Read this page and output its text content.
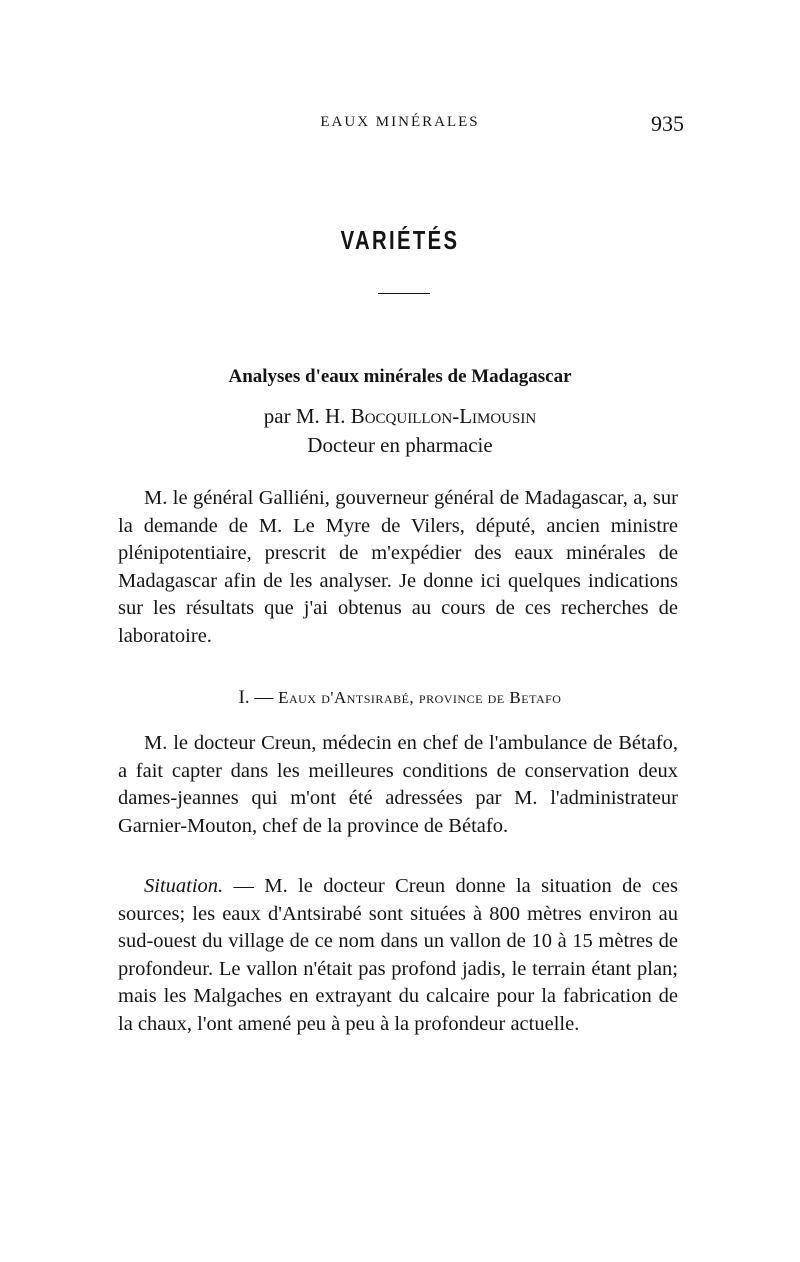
EAUX MINÉRALES	935
VARIÉTÉS
Analyses d'eaux minérales de Madagascar
par M. H. Bocquillon-Limousin
Docteur en pharmacie

M. le général Galliéni, gouverneur général de Madagascar, a, sur la demande de M. Le Myre de Vilers, député, ancien ministre plénipotentiaire, prescrit de m'expédier des eaux minérales de Madagascar afin de les analyser. Je donne ici quelques indications sur les résultats que j'ai obtenus au cours de ces recherches de laboratoire.

I. — Eaux d'Antsirabé, province de Betafo

M. le docteur Creun, médecin en chef de l'ambulance de Bétafo, a fait capter dans les meilleures conditions de conservation deux dames-jeannes qui m'ont été adressées par M. l'administrateur Garnier-Mouton, chef de la province de Bétafo.

Situation. — M. le docteur Creun donne la situation de ces sources; les eaux d'Antsirabé sont situées à 800 mètres environ au sud-ouest du village de ce nom dans un vallon de 10 à 15 mètres de profondeur. Le vallon n'était pas profond jadis, le terrain étant plan; mais les Malgaches en extrayant du calcaire pour la fabrication de la chaux, l'ont amené peu à peu à la profondeur actuelle.
